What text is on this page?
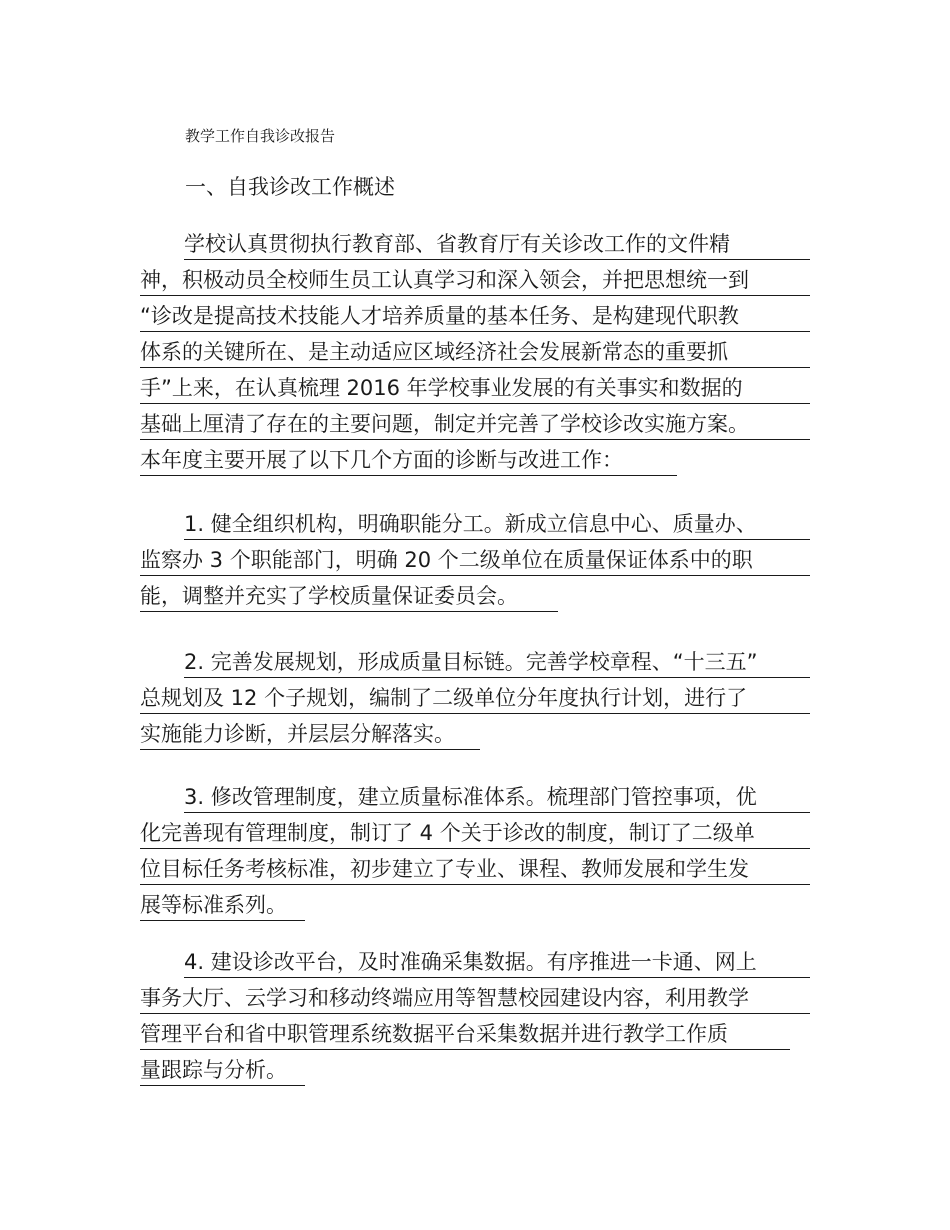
教学工作自我诊改报告
一、自我诊改工作概述
学校认真贯彻执行教育部、省教育厅有关诊改工作的文件精
神，积极动员全校师生员工认真学习和深入领会，并把思想统一到
“诊改是提高技术技能人才培养质量的基本任务、是构建现代职教
体系的关键所在、是主动适应区域经济社会发展新常态的重要抓
手”上来，在认真梳理 2016 年学校事业发展的有关事实和数据的
基础上厘清了存在的主要问题，制定并完善了学校诊改实施方案。
本年度主要开展了以下几个方面的诊断与改进工作：
1. 健全组织机构，明确职能分工。新成立信息中心、质量办、
监察办 3 个职能部门，明确 20 个二级单位在质量保证体系中的职
能，调整并充实了学校质量保证委员会。
2. 完善发展规划，形成质量目标链。完善学校章程、“十三五”
总规划及 12 个子规划，编制了二级单位分年度执行计划，进行了
实施能力诊断，并层层分解落实。
3. 修改管理制度，建立质量标准体系。梳理部门管控事项，优
化完善现有管理制度，制订了 4 个关于诊改的制度，制订了二级单
位目标任务考核标准，初步建立了专业、课程、教师发展和学生发
展等标准系列。
4. 建设诊改平台，及时准确采集数据。有序推进一卡通、网上
事务大厅、云学习和移动终端应用等智慧校园建设内容，利用教学
管理平台和省中职管理系统数据平台采集数据并进行教学工作质
量跟踪与分析。
